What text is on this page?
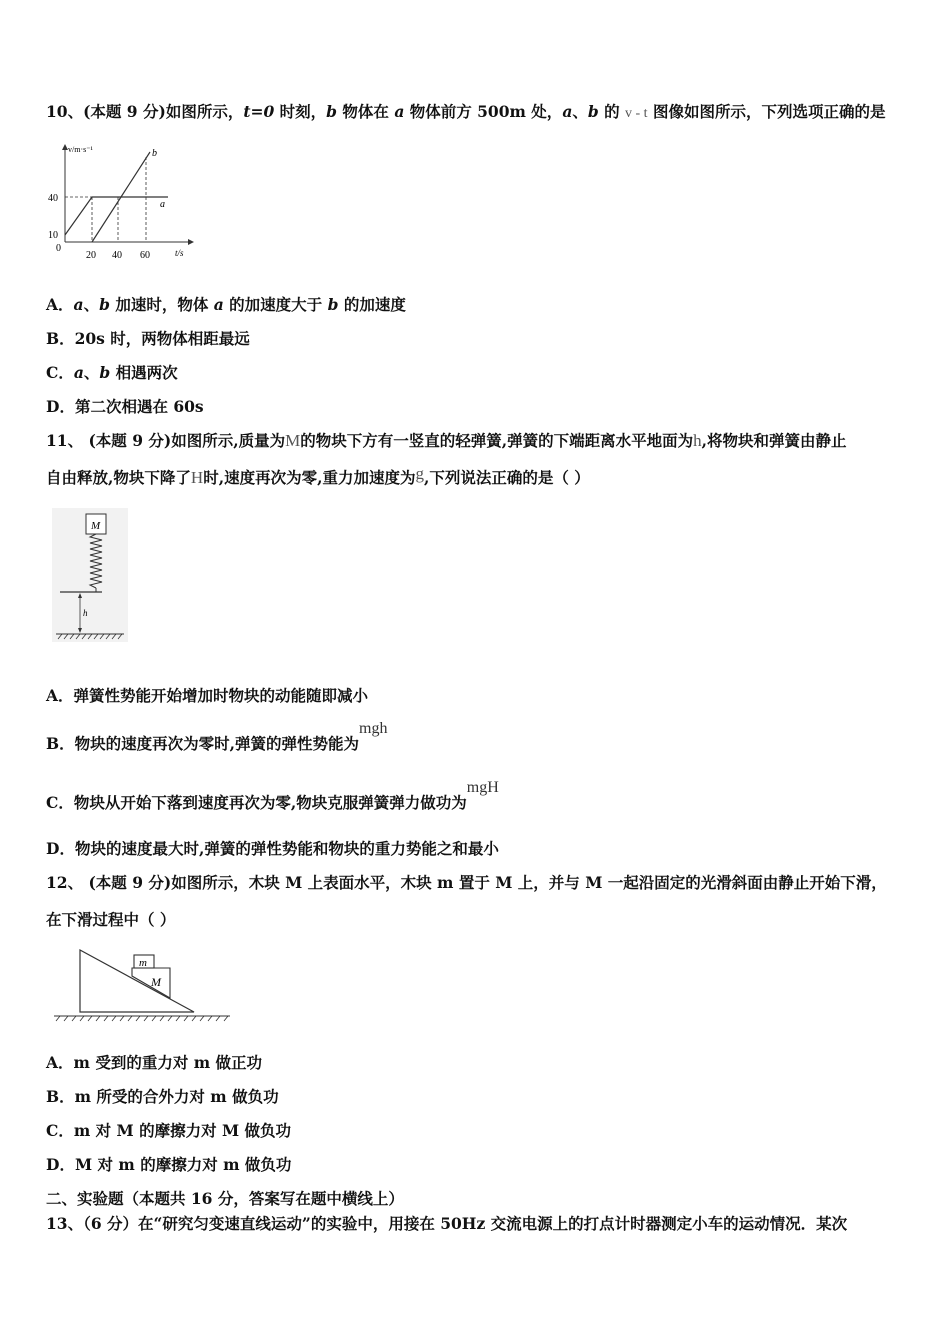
10、(本题 9 分)如图所示，t=0 时刻，b 物体在 a 物体前方 500m 处，a、b 的 v - t 图像如图所示，下列选项正确的是
v/m·s⁻¹
t/s
0
40
10
20 40 60
a
b
A．a、b 加速时，物体 a 的加速度大于 b 的加速度
B．20s 时，两物体相距最远
C．a、b 相遇两次
D．第二次相遇在 60s
11、 (本题 9 分)如图所示,质量为M的物块下方有一竖直的轻弹簧,弹簧的下端距离水平地面为h,将物块和弹簧由静止
自由释放,物块下降了H时,速度再次为零,重力加速度为g,下列说法正确的是（ ）
M
h
A．弹簧性势能开始增加时物块的动能随即减小
B．物块的速度再次为零时,弹簧的弹性势能为mgh
C．物块从开始下落到速度再次为零,物块克服弹簧弹力做功为mgH
D．物块的速度最大时,弹簧的弹性势能和物块的重力势能之和最小
12、 (本题 9 分)如图所示，木块 M 上表面水平，木块 m 置于 M 上，并与 M 一起沿固定的光滑斜面由静止开始下滑，
在下滑过程中（ ）
M
m
A．m 受到的重力对 m 做正功
B．m 所受的合外力对 m 做负功
C．m 对 M 的摩擦力对 M 做负功
D．M 对 m 的摩擦力对 m 做负功
二、实验题（本题共 16 分，答案写在题中横线上）
13、（6 分）在“研究匀变速直线运动”的实验中，用接在 50Hz 交流电源上的打点计时器测定小车的运动情况．某次
